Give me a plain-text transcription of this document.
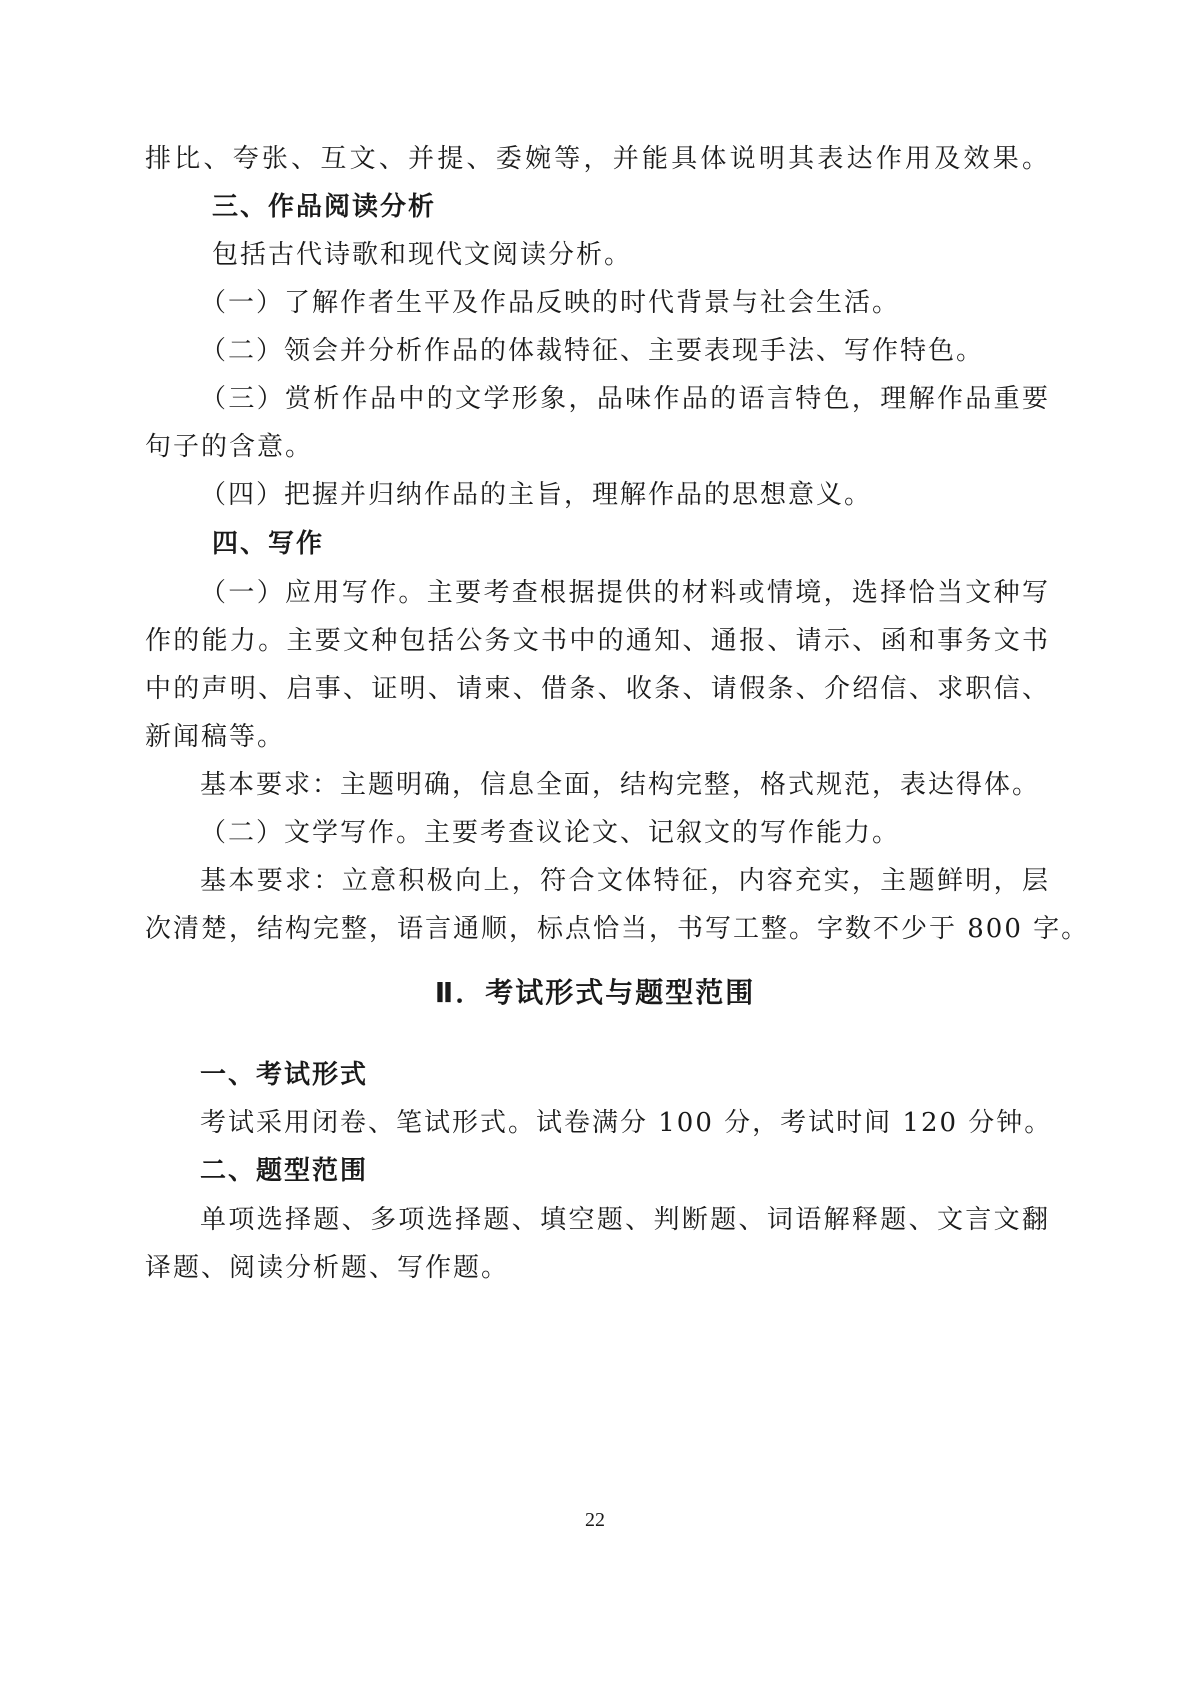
排比、夸张、互文、并提、委婉等，并能具体说明其表达作用及效果。
三、作品阅读分析
包括古代诗歌和现代文阅读分析。
（一）了解作者生平及作品反映的时代背景与社会生活。
（二）领会并分析作品的体裁特征、主要表现手法、写作特色。
（三）赏析作品中的文学形象，品味作品的语言特色，理解作品重要
句子的含意。
（四）把握并归纳作品的主旨，理解作品的思想意义。
四、写作
（一）应用写作。主要考查根据提供的材料或情境，选择恰当文种写
作的能力。主要文种包括公务文书中的通知、通报、请示、函和事务文书
中的声明、启事、证明、请柬、借条、收条、请假条、介绍信、求职信、
新闻稿等。
基本要求：主题明确，信息全面，结构完整，格式规范，表达得体。
（二）文学写作。主要考查议论文、记叙文的写作能力。
基本要求：立意积极向上，符合文体特征，内容充实，主题鲜明，层
次清楚，结构完整，语言通顺，标点恰当，书写工整。字数不少于 800 字。
Ⅱ．考试形式与题型范围
一、考试形式
考试采用闭卷、笔试形式。试卷满分 100 分，考试时间 120 分钟。
二、题型范围
单项选择题、多项选择题、填空题、判断题、词语解释题、文言文翻
译题、阅读分析题、写作题。
22
